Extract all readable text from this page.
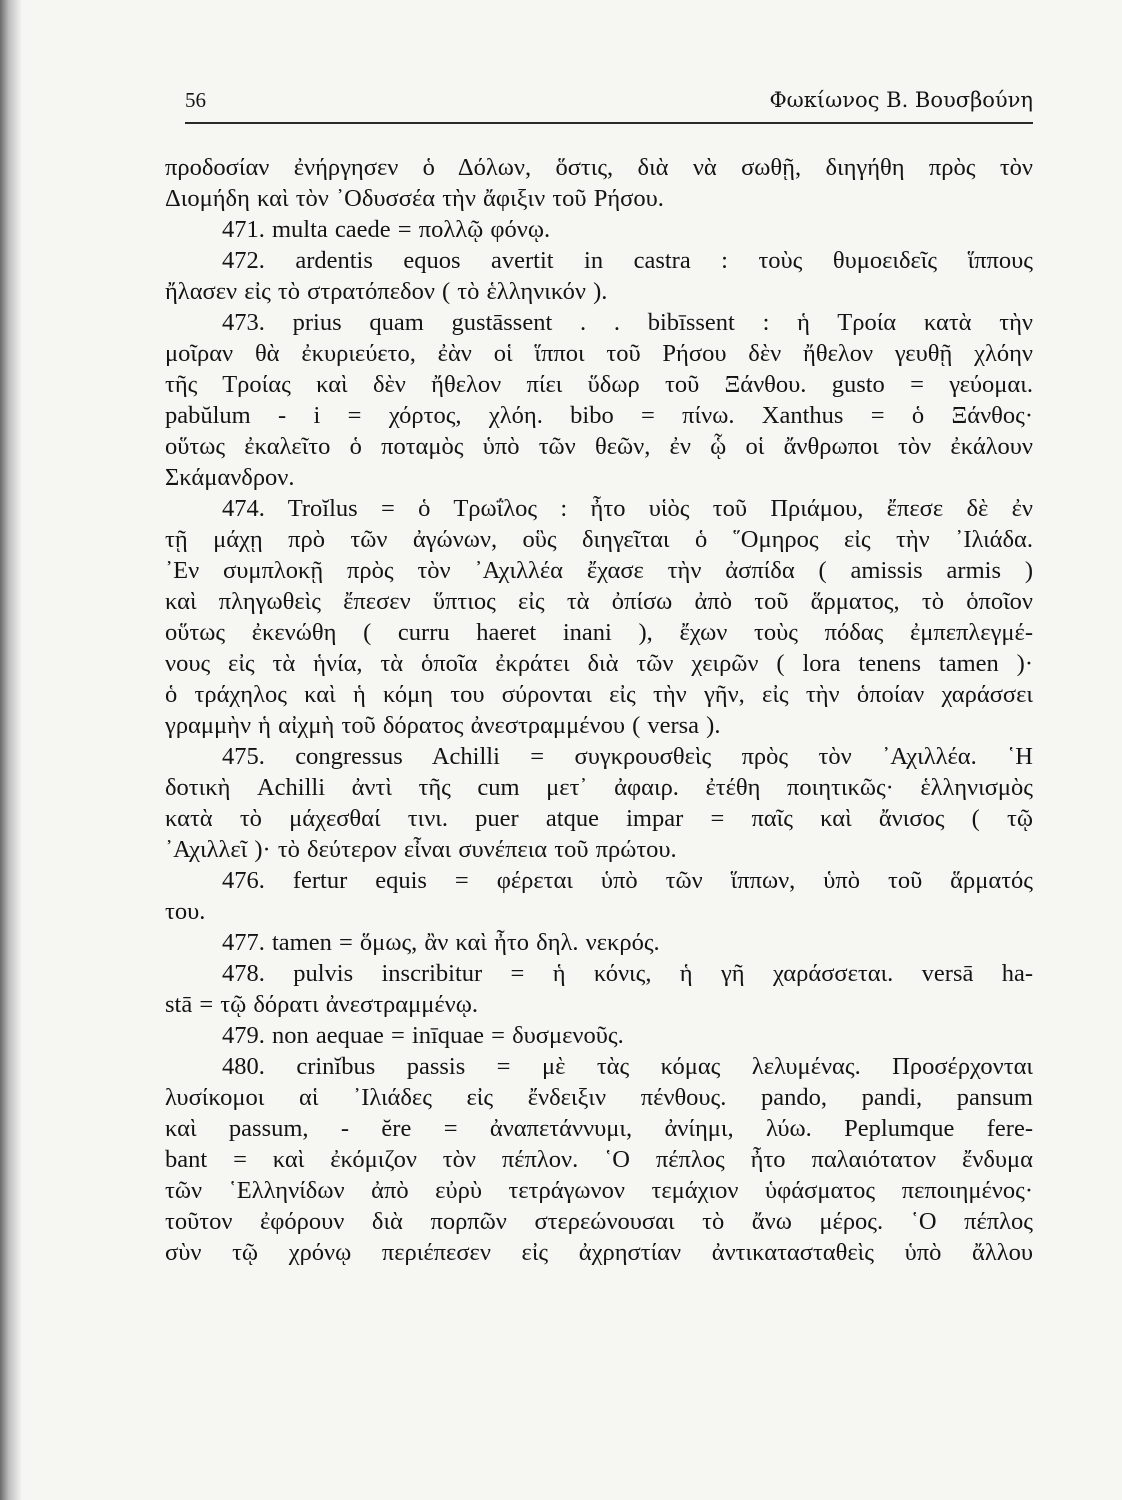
56	Φωκίωνος Β. Βουσβούνη
προδοσίαν ἐνήργησεν ὁ Δόλων, ὅστις, διὰ νὰ σωθῇ, διηγήθη πρὸς τὸν
Διομήδη καὶ τὸν ᾿Οδυσσέα τὴν ἄφιξιν τοῦ Ρήσου.
471. multa caede = πολλῷ φόνῳ.
472. ardentis equos avertit in castra : τοὺς θυμοειδεῖς ἵππους
ἤλασεν εἰς τὸ στρατόπεδον ( τὸ ἑλληνικόν ).
473. prius quam gustāssent . . bibīssent : ἡ Τροία κατὰ τὴν
μοῖραν θὰ ἐκυριεύετο, ἐὰν οἱ ἵπποι τοῦ Ρήσου δὲν ἤθελον γευθῇ χλόην
τῆς Τροίας καὶ δὲν ἤθελον πίει ὕδωρ τοῦ Ξάνθου. gusto = γεύομαι.
pabŭlum - i = χόρτος, χλόη. bibo = πίνω. Xanthus = ὁ Ξάνθος·
οὕτως ἐκαλεῖτο ὁ ποταμὸς ὑπὸ τῶν θεῶν, ἐν ᾧ οἱ ἄνθρωποι τὸν ἐκάλουν
Σκάμανδρον.
474. Troĭlus = ὁ Τρωΐλος : ἦτο υἱὸς τοῦ Πριάμου, ἔπεσε δὲ ἐν
τῇ μάχῃ πρὸ τῶν ἀγώνων, οὓς διηγεῖται ὁ ῞Ομηρος εἰς τὴν ᾿Ιλιάδα.
᾿Εν συμπλοκῇ πρὸς τὸν ᾿Αχιλλέα ἔχασε τὴν ἀσπίδα ( amissis armis )
καὶ πληγωθεὶς ἔπεσεν ὕπτιος εἰς τὰ ὀπίσω ἀπὸ τοῦ ἅρματος, τὸ ὁποῖον
οὕτως ἐκενώθη ( curru haeret inani ), ἔχων τοὺς πόδας ἐμπεπλεγμέ-
νους εἰς τὰ ἡνία, τὰ ὁποῖα ἐκράτει διὰ τῶν χειρῶν ( lora tenens tamen )·
ὁ τράχηλος καὶ ἡ κόμη του σύρονται εἰς τὴν γῆν, εἰς τὴν ὁποίαν χαράσσει
γραμμὴν ἡ αἰχμὴ τοῦ δόρατος ἀνεστραμμένου ( versa ).
475. congressus Achilli = συγκρουσθεὶς πρὸς τὸν ᾿Αχιλλέα. ῾Η
δοτικὴ Achilli ἀντὶ τῆς cum μετ᾿ ἀφαιρ. ἐτέθη ποιητικῶς· ἑλληνισμὸς
κατὰ τὸ μάχεσθαί τινι. puer atque impar = παῖς καὶ ἄνισος ( τῷ
᾿Αχιλλεῖ )· τὸ δεύτερον εἶναι συνέπεια τοῦ πρώτου.
476. fertur equis = φέρεται ὑπὸ τῶν ἵππων, ὑπὸ τοῦ ἅρματός
του.
477. tamen = ὅμως, ἂν καὶ ἦτο δηλ. νεκρός.
478. pulvis inscribitur = ἡ κόνις, ἡ γῆ χαράσσεται. versā ha-
stā = τῷ δόρατι ἀνεστραμμένῳ.
479. non aequae = inīquae = δυσμενοῦς.
480. crinĭbus passis = μὲ τὰς κόμας λελυμένας. Προσέρχονται
λυσίκομοι αἱ ᾿Ιλιάδες εἰς ἔνδειξιν πένθους. pando, pandi, pansum
καὶ passum, - ĕre = ἀναπετάννυμι, ἀνίημι, λύω. Peplumque fere-
bant = καὶ ἐκόμιζον τὸν πέπλον. ῾Ο πέπλος ἦτο παλαιότατον ἔνδυμα
τῶν ῾Ελληνίδων ἀπὸ εὐρὺ τετράγωνον τεμάχιον ὑφάσματος πεποιημένος·
τοῦτον ἐφόρουν διὰ πορπῶν στερεώνουσαι τὸ ἄνω μέρος. ῾Ο πέπλος
σὺν τῷ χρόνῳ περιέπεσεν εἰς ἀχρηστίαν ἀντικατασταθεὶς ὑπὸ ἄλλου
